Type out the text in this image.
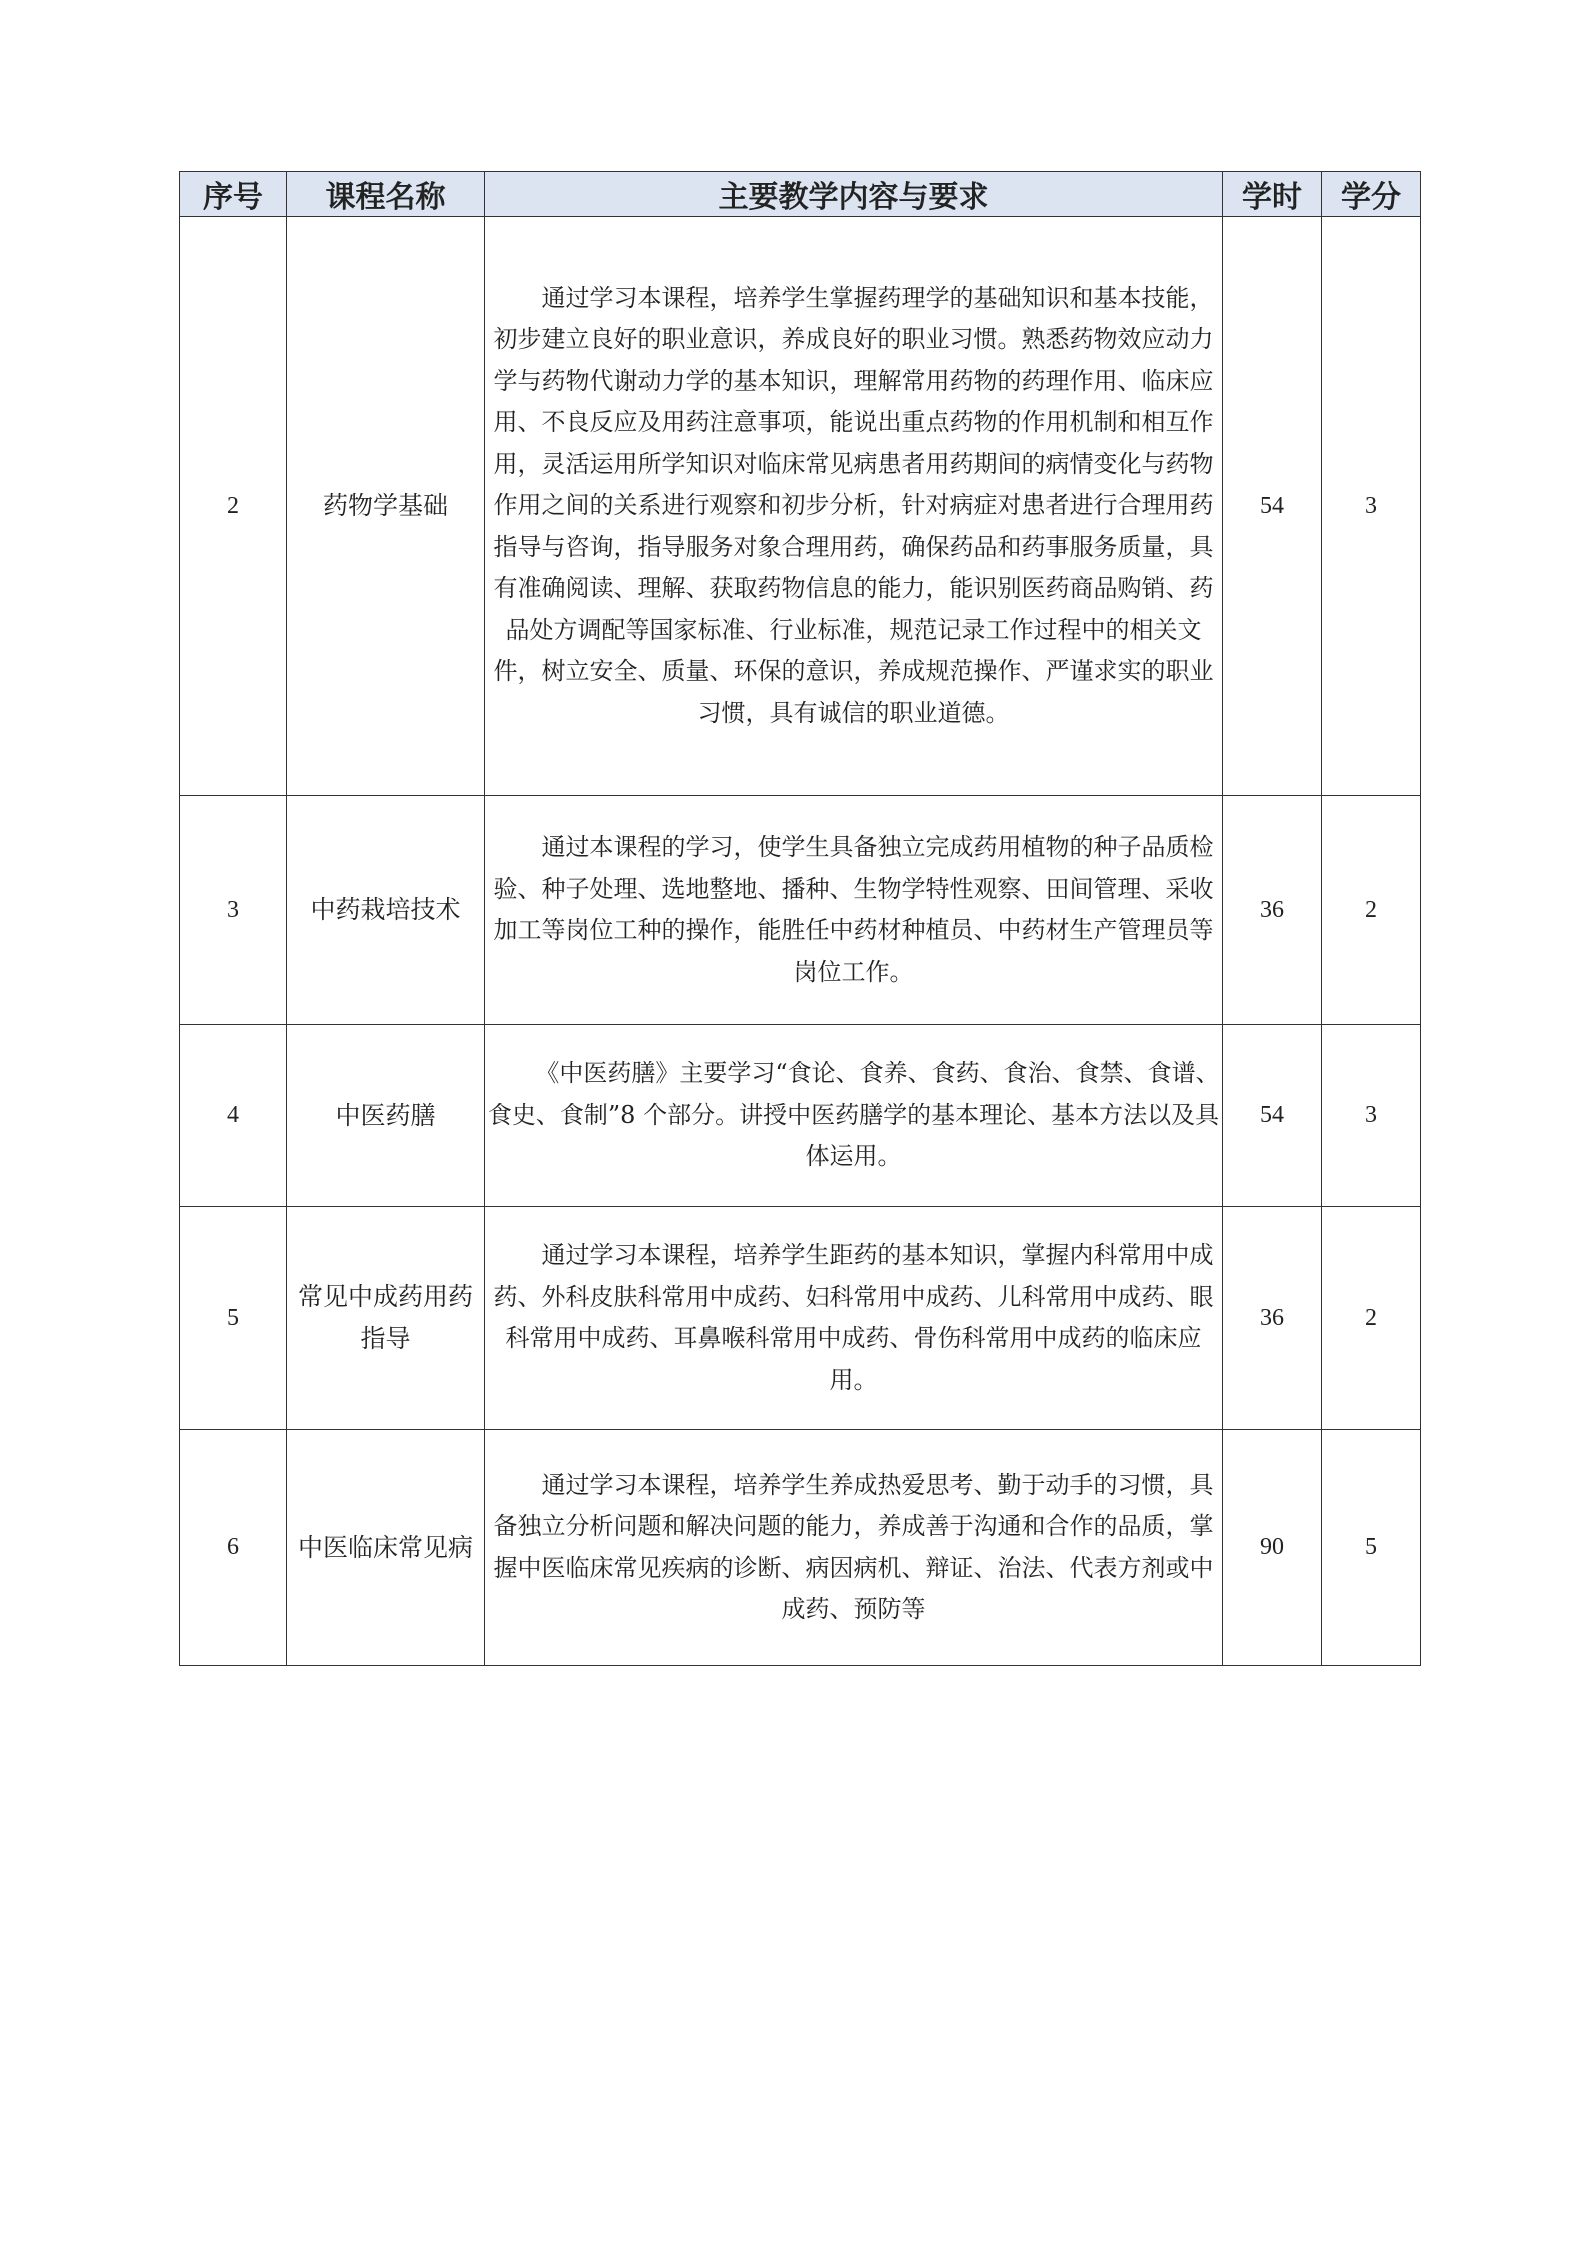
序号	课程名称	主要教学内容与要求	学时	学分
2	药物学基础	通过学习本课程，培养学生掌握药理学的基础知识和基本技能，初步建立良好的职业意识，养成良好的职业习惯。熟悉药物效应动力学与药物代谢动力学的基本知识，理解常用药物的药理作用、临床应用、不良反应及用药注意事项，能说出重点药物的作用机制和相互作用，灵活运用所学知识对临床常见病患者用药期间的病情变化与药物作用之间的关系进行观察和初步分析，针对病症对患者进行合理用药指导与咨询，指导服务对象合理用药，确保药品和药事服务质量，具有准确阅读、理解、获取药物信息的能力，能识别医药商品购销、药品处方调配等国家标准、行业标准，规范记录工作过程中的相关文件，树立安全、质量、环保的意识，养成规范操作、严谨求实的职业习惯，具有诚信的职业道德。	54	3
3	中药栽培技术	通过本课程的学习，使学生具备独立完成药用植物的种子品质检验、种子处理、选地整地、播种、生物学特性观察、田间管理、采收加工等岗位工种的操作，能胜任中药材种植员、中药材生产管理员等岗位工作。	36	2
4	中医药膳	《中医药膳》主要学习“食论、食养、食药、食治、食禁、食谱、食史、食制”8 个部分。讲授中医药膳学的基本理论、基本方法以及具体运用。	54	3
5	常见中成药用药指导	通过学习本课程，培养学生距药的基本知识，掌握内科常用中成药、外科皮肤科常用中成药、妇科常用中成药、儿科常用中成药、眼科常用中成药、耳鼻喉科常用中成药、骨伤科常用中成药的临床应用。	36	2
6	中医临床常见病	通过学习本课程，培养学生养成热爱思考、勤于动手的习惯，具备独立分析问题和解决问题的能力，养成善于沟通和合作的品质，掌握中医临床常见疾病的诊断、病因病机、辩证、治法、代表方剂或中成药、预防等	90	5
